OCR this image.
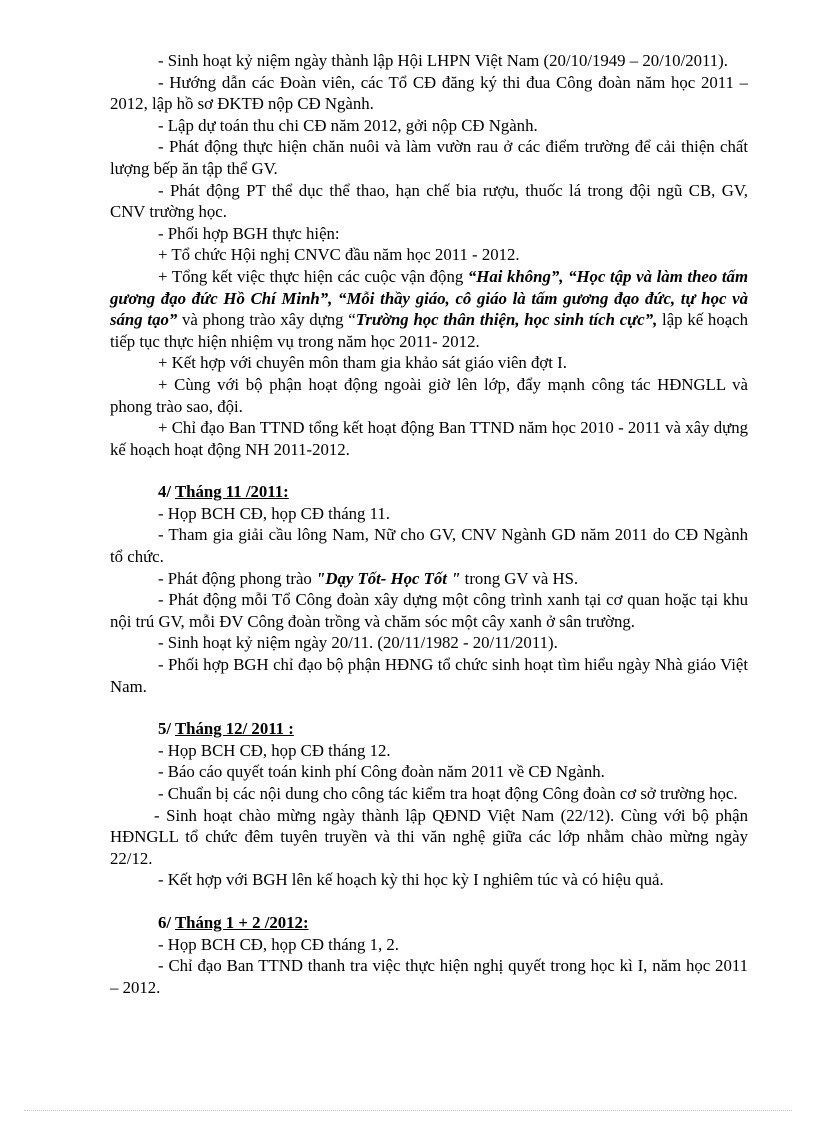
- Sinh hoạt kỷ niệm ngày thành lập Hội LHPN Việt Nam (20/10/1949 – 20/10/2011).

- Hướng dẫn các Đoàn viên, các Tổ CĐ đăng ký thi đua Công đoàn năm học 2011 – 2012, lập hồ sơ ĐKTĐ nộp CĐ Ngành.

- Lập dự toán thu chi CĐ năm 2012, gởi nộp CĐ Ngành.

- Phát động thực hiện chăn nuôi và làm vườn rau ở các điểm trường để cải thiện chất lượng bếp ăn tập thể GV.

- Phát động PT thể dục thể thao, hạn chế bia rượu, thuốc lá trong đội ngũ CB, GV, CNV trường học.

- Phối hợp BGH thực hiện:

+ Tổ chức Hội nghị CNVC đầu năm học 2011 - 2012.

+ Tổng kết việc thực hiện các cuộc vận động “Hai không”, “Học tập và làm theo tấm gương đạo đức Hồ Chí Minh”, “Mỗi thầy giáo, cô giáo là tấm gương đạo đức, tự học và sáng tạo” và phong trào xây dựng “Trường học thân thiện, học sinh tích cực”, lập kế hoạch tiếp tục thực hiện nhiệm vụ trong năm học 2011- 2012.

+ Kết hợp với chuyên môn tham gia khảo sát giáo viên đợt I.

+ Cùng với bộ phận hoạt động ngoài giờ lên lớp, đẩy mạnh công tác HĐNGLL và phong trào sao, đội.

+ Chỉ đạo Ban TTND tổng kết hoạt động Ban TTND năm học 2010 - 2011 và xây dựng kế hoạch hoạt động NH 2011-2012.

4/ Tháng 11 /2011:

- Họp BCH CĐ, họp CĐ tháng 11.

- Tham gia giải cầu lông Nam, Nữ cho GV, CNV Ngành GD năm 2011 do CĐ Ngành tổ chức.

- Phát động phong trào "Dạy Tốt- Học Tốt " trong GV và HS.

- Phát động mỗi Tổ Công đoàn xây dựng một công trình xanh tại cơ quan hoặc tại khu nội trú GV, mỗi ĐV Công đoàn trồng và chăm sóc một cây xanh ở sân trường.

- Sinh hoạt kỷ niệm ngày 20/11. (20/11/1982 - 20/11/2011).

- Phối hợp BGH chỉ đạo bộ phận HĐNG tổ chức sinh hoạt tìm hiểu ngày Nhà giáo Việt Nam.

5/ Tháng 12/ 2011 :

- Họp BCH CĐ, họp CĐ tháng 12.

- Báo cáo quyết toán kinh phí Công đoàn năm 2011 về CĐ Ngành.

- Chuẩn bị các nội dung cho công tác kiểm tra hoạt động Công đoàn cơ sở trường học.

- Sinh hoạt chào mừng ngày thành lập QĐND Việt Nam (22/12). Cùng với bộ phận HĐNGLL tổ chức đêm tuyên truyền và thi văn nghệ giữa các lớp nhằm chào mừng ngày 22/12.

- Kết hợp với BGH lên kế hoạch kỳ thi học kỳ I nghiêm túc và có hiệu quả.

6/ Tháng 1 + 2 /2012:

- Họp BCH CĐ, họp CĐ tháng 1, 2.

- Chỉ đạo Ban TTND thanh tra việc thực hiện nghị quyết trong học kì I, năm học 2011 – 2012.
